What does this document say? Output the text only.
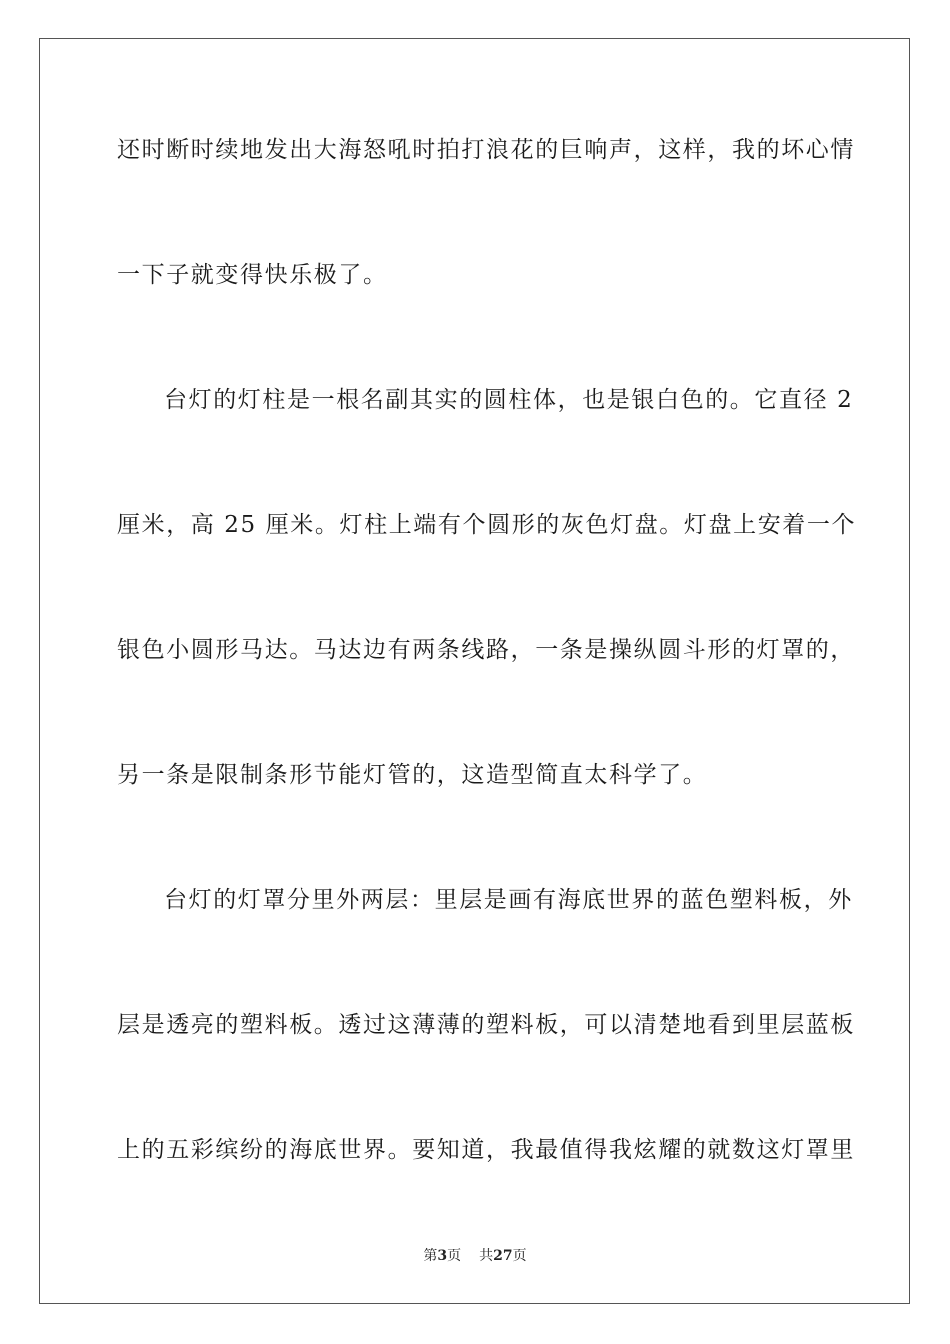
还时断时续地发出大海怒吼时拍打浪花的巨响声，这样，我的坏心情
一下子就变得快乐极了。
台灯的灯柱是一根名副其实的圆柱体，也是银白色的。它直径 2
厘米，高 25 厘米。灯柱上端有个圆形的灰色灯盘。灯盘上安着一个
银色小圆形马达。马达边有两条线路，一条是操纵圆斗形的灯罩的，
另一条是限制条形节能灯管的，这造型简直太科学了。
台灯的灯罩分里外两层：里层是画有海底世界的蓝色塑料板，外
层是透亮的塑料板。透过这薄薄的塑料板，可以清楚地看到里层蓝板
上的五彩缤纷的海底世界。要知道，我最值得我炫耀的就数这灯罩里
第3页 共27页
